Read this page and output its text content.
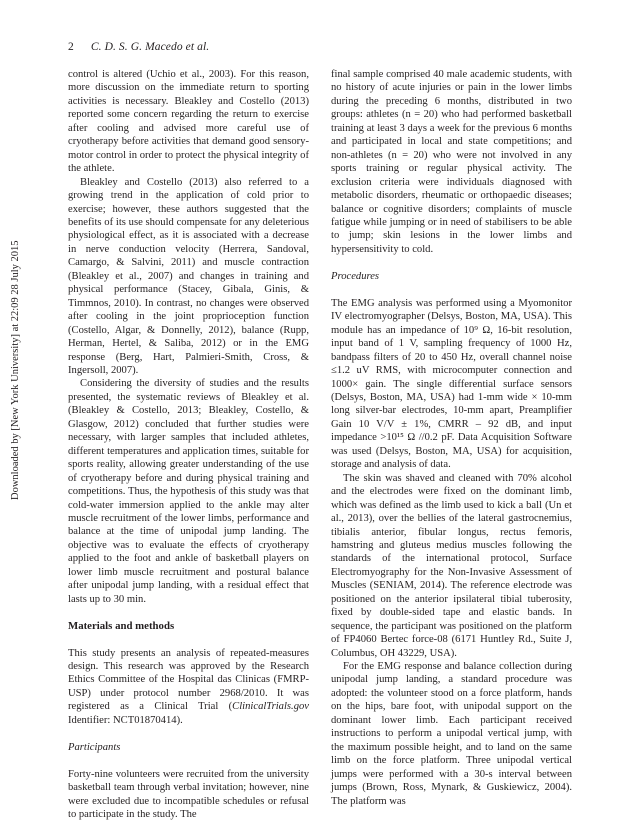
2 C. D. S. G. Macedo et al.
Downloaded by [New York University] at 22:09 28 July 2015

control is altered (Uchio et al., 2003). For this reason, more discussion on the immediate return to sporting activities is necessary. Bleakley and Costello (2013) reported some concern regarding the return to exercise after cooling and advised more careful use of cryotherapy before activities that demand good sensory-motor control in order to protect the physical integrity of the athlete.

Bleakley and Costello (2013) also referred to a growing trend in the application of cold prior to exercise; however, these authors suggested that the benefits of its use should compensate for any deleterious physiological effect, as it is associated with a decrease in nerve conduction velocity (Herrera, Sandoval, Camargo, & Salvini, 2011) and muscle contraction (Bleakley et al., 2007) and changes in training and physical performance (Stacey, Gibala, Ginis, & Timmnos, 2010). In contrast, no changes were observed after cooling in the joint proprioception function (Costello, Algar, & Donnelly, 2012), balance (Rupp, Herman, Hertel, & Saliba, 2012) or in the EMG response (Berg, Hart, Palmieri-Smith, Cross, & Ingersoll, 2007).

Considering the diversity of studies and the results presented, the systematic reviews of Bleakley et al. (Bleakley & Costello, 2013; Bleakley, Costello, & Glasgow, 2012) concluded that further studies were necessary, with larger samples that included athletes, different temperatures and application times, suitable for sports reality, allowing greater understanding of the use of cryotherapy before and during physical training and competitions. Thus, the hypothesis of this study was that cold-water immersion applied to the ankle may alter muscle recruitment of the lower limbs, performance and balance at the time of unipodal jump landing. The objective was to evaluate the effects of cryotherapy applied to the foot and ankle of basketball players on lower limb muscle recruitment and postural balance after unipodal jump landing, with a residual effect that lasts up to 30 min.

Materials and methods

This study presents an analysis of repeated-measures design. This research was approved by the Research Ethics Committee of the Hospital das Clinicas (FMRP-USP) under protocol number 2968/2010. It was registered as a Clinical Trial (ClinicalTrials.gov Identifier: NCT01870414).

Participants

Forty-nine volunteers were recruited from the university basketball team through verbal invitation; however, nine were excluded due to incompatible schedules or refusal to participate in the study. The

final sample comprised 40 male academic students, with no history of acute injuries or pain in the lower limbs during the preceding 6 months, distributed in two groups: athletes (n = 20) who had performed basketball training at least 3 days a week for the previous 6 months and participated in local and state competitions; and non-athletes (n = 20) who were not involved in any sports training or regular physical activity. The exclusion criteria were individuals diagnosed with metabolic disorders, rheumatic or orthopaedic diseases; balance or cognitive disorders; complaints of muscle fatigue while jumping or in need of stabilisers to be able to jump; skin lesions in the lower limbs and hypersensitivity to cold.

Procedures

The EMG analysis was performed using a Myomonitor IV electromyographer (Delsys, Boston, MA, USA). This module has an impedance of 10⁹ Ω, 16-bit resolution, input band of 1 V, sampling frequency of 1000 Hz, bandpass filters of 20 to 450 Hz, overall channel noise ≤1.2 uV RMS, with microcomputer connection and 1000× gain. The single differential surface sensors (Delsys, Boston, MA, USA) had 1-mm wide × 10-mm long silver-bar electrodes, 10-mm apart, Preamplifier Gain 10 V/V ± 1%, CMRR – 92 dB, and input impedance >10¹⁵ Ω //0.2 pF. Data Acquisition Software was used (Delsys, Boston, MA, USA) for acquisition, storage and analysis of data.

The skin was shaved and cleaned with 70% alcohol and the electrodes were fixed on the dominant limb, which was defined as the limb used to kick a ball (Un et al., 2013), over the bellies of the lateral gastrocnemius, tibialis anterior, fibular longus, rectus femoris, hamstring and gluteus medius muscles following the standards of the international protocol, Surface Electromyography for the Non-Invasive Assessment of Muscles (SENIAM, 2014). The reference electrode was positioned on the anterior ipsilateral tibial tuberosity, fixed by double-sided tape and elastic bands. In sequence, the participant was positioned on the platform of FP4060 Bertec force-08 (6171 Huntley Rd., Suite J, Columbus, OH 43229, USA).

For the EMG response and balance collection during unipodal jump landing, a standard procedure was adopted: the volunteer stood on a force platform, hands on the hips, bare foot, with unipodal support on the dominant lower limb. Each participant received instructions to perform a unipodal vertical jump, with the maximum possible height, and to land on the same limb on the force platform. Three unipodal vertical jumps were performed with a 30-s interval between jumps (Brown, Ross, Mynark, & Guskiewicz, 2004). The platform was
